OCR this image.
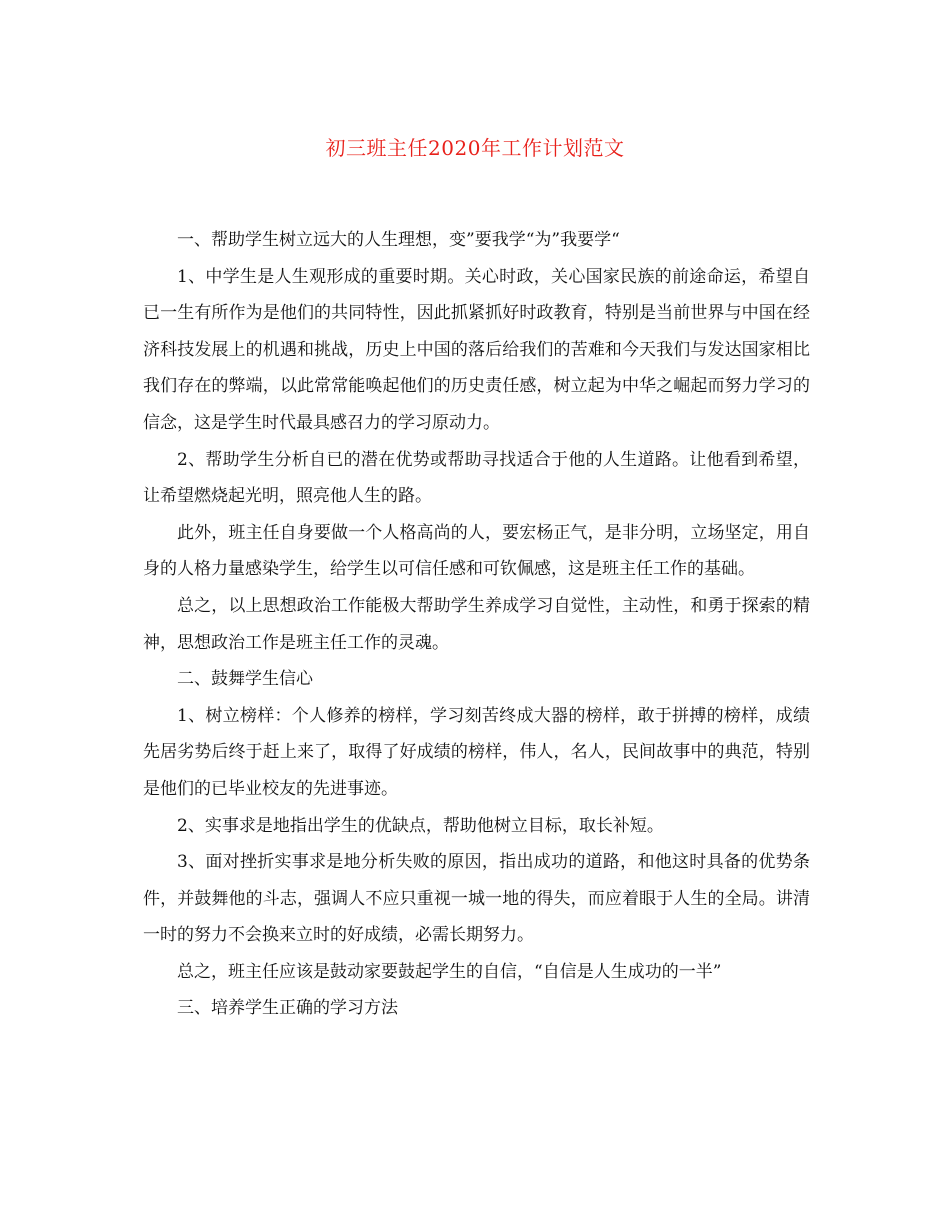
初三班主任2020年工作计划范文

一、帮助学生树立远大的人生理想，变”要我学“为”我要学“

1、中学生是人生观形成的重要时期。关心时政，关心国家民族的前途命运，希望自已一生有所作为是他们的共同特性，因此抓紧抓好时政教育，特别是当前世界与中国在经济科技发展上的机遇和挑战，历史上中国的落后给我们的苦难和今天我们与发达国家相比我们存在的弊端，以此常常能唤起他们的历史责任感，树立起为中华之崛起而努力学习的信念，这是学生时代最具感召力的学习原动力。

2、帮助学生分析自已的潜在优势或帮助寻找适合于他的人生道路。让他看到希望，让希望燃烧起光明，照亮他人生的路。

此外，班主任自身要做一个人格高尚的人，要宏杨正气，是非分明，立场坚定，用自身的人格力量感染学生，给学生以可信任感和可钦佩感，这是班主任工作的基础。

总之，以上思想政治工作能极大帮助学生养成学习自觉性，主动性，和勇于探索的精神，思想政治工作是班主任工作的灵魂。

二、鼓舞学生信心

1、树立榜样：个人修养的榜样，学习刻苦终成大器的榜样，敢于拼搏的榜样，成绩先居劣势后终于赶上来了，取得了好成绩的榜样，伟人，名人，民间故事中的典范，特别是他们的已毕业校友的先进事迹。

2、实事求是地指出学生的优缺点，帮助他树立目标，取长补短。

3、面对挫折实事求是地分析失败的原因，指出成功的道路，和他这时具备的优势条件，并鼓舞他的斗志，强调人不应只重视一城一地的得失，而应着眼于人生的全局。讲清一时的努力不会换来立时的好成绩，必需长期努力。

总之，班主任应该是鼓动家要鼓起学生的自信，“自信是人生成功的一半”

三、培养学生正确的学习方法
